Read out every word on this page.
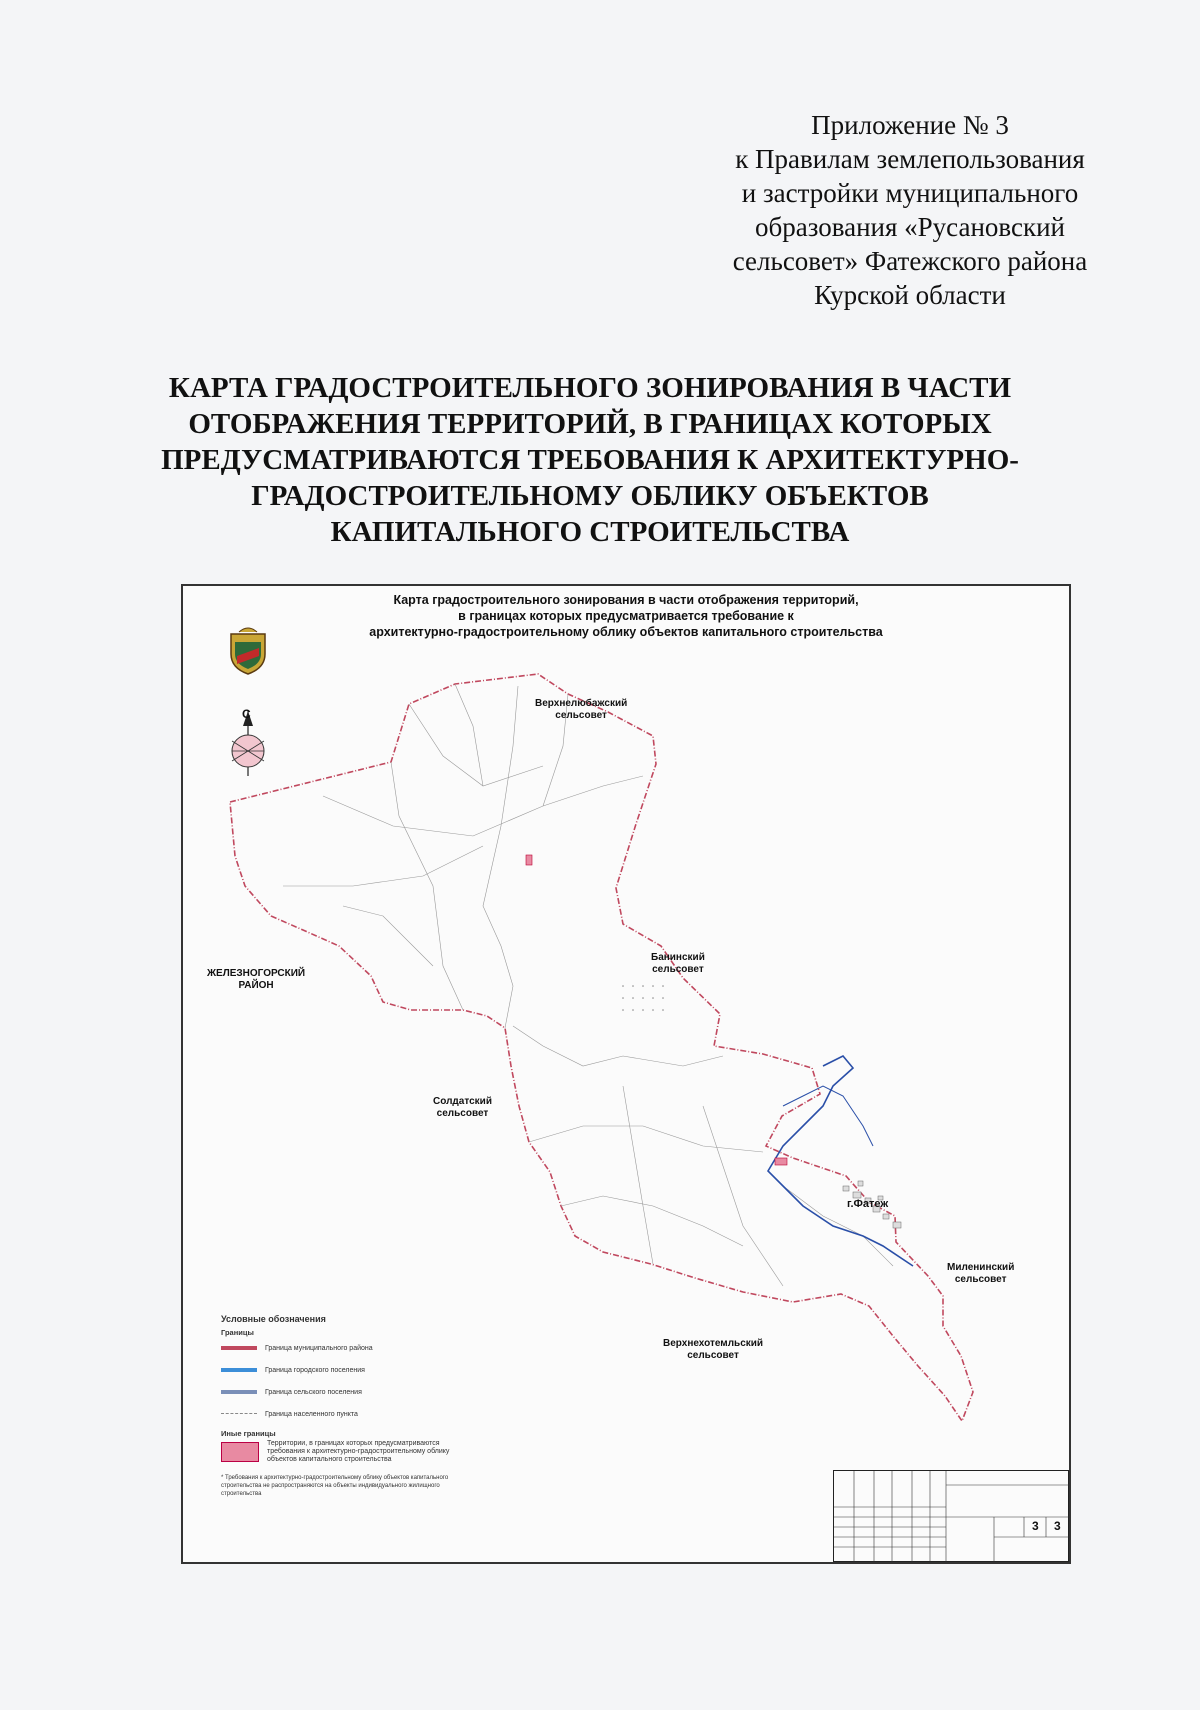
Приложение № 3
к Правилам землепользования
и застройки муниципального
образования «Русановский
сельсовет» Фатежского района
Курской области
КАРТА ГРАДОСТРОИТЕЛЬНОГО ЗОНИРОВАНИЯ В ЧАСТИ
ОТОБРАЖЕНИЯ ТЕРРИТОРИЙ, В ГРАНИЦАХ КОТОРЫХ
ПРЕДУСМАТРИВАЮТСЯ ТРЕБОВАНИЯ К АРХИТЕКТУРНО-
ГРАДОСТРОИТЕЛЬНОМУ ОБЛИКУ ОБЪЕКТОВ
КАПИТАЛЬНОГО СТРОИТЕЛЬСТВА
Карта градостроительного зонирования в части отображения территорий,
в границах которых предусматривается требование к
архитектурно-градостроительному облику объектов капитального строительства
Верхнелюбажский
сельсовет
ЖЕЛЕЗНОГОРСКИЙ
РАЙОН
Банинский
сельсовет
Солдатский
сельсовет
г.Фатеж
Миленинский
сельсовет
Верхнехотемльский
сельсовет
С
Условные обозначения
Границы
Граница муниципального района
Граница городского поселения
Граница сельского поселения
Граница населенного пункта
Иные границы
Территории, в границах которых предусматриваются требования к архитектурно-градостроительному облику объектов капитального строительства
* Требования к архитектурно-градостроительному облику объектов капитального строительства не распространяются на объекты индивидуального жилищного строительства
3 3
